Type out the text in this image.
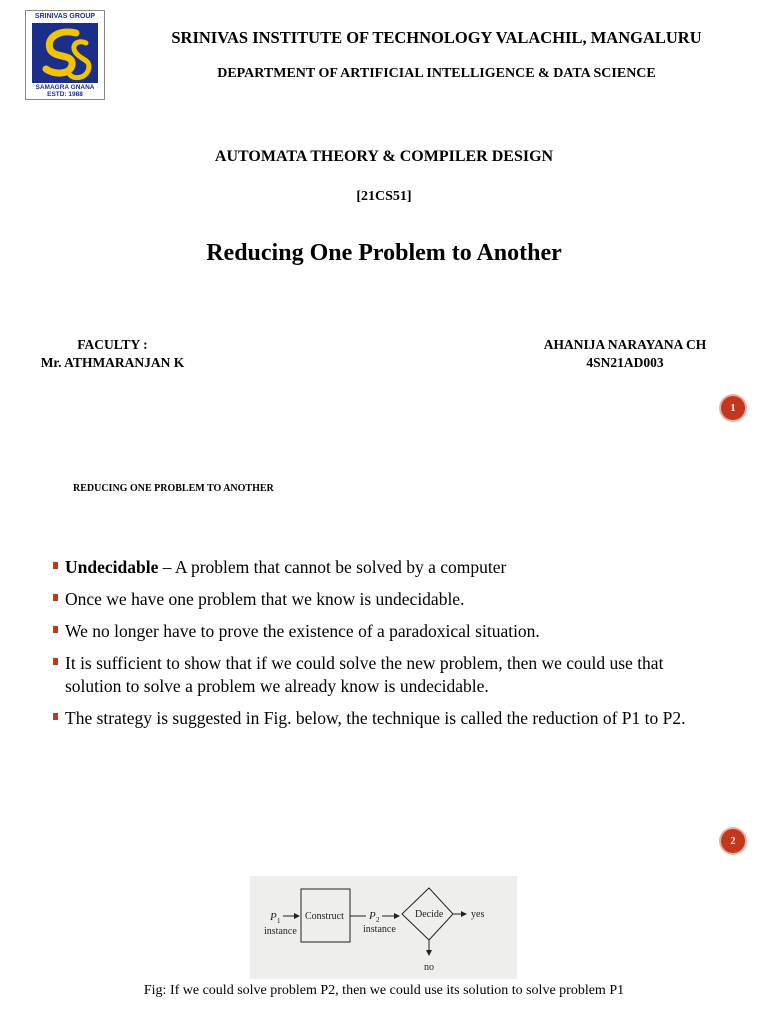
SRINIVAS GROUP
SAMAGRA GNANA
ESTD: 1988
SRINIVAS INSTITUTE OF TECHNOLOGY VALACHIL, MANGALURU
DEPARTMENT OF ARTIFICIAL INTELLIGENCE & DATA SCIENCE
AUTOMATA THEORY & COMPILER DESIGN
[21CS51]
Reducing One Problem to Another
FACULTY :
Mr. ATHMARANJAN K
AHANIJA NARAYANA CH
4SN21AD003
1
REDUCING ONE PROBLEM TO ANOTHER
Undecidable – A problem that cannot be solved by a computer
Once we have one problem that we know is undecidable.
We no longer have to prove the existence of a paradoxical situation.
It is sufficient to show that if we could solve the new problem, then we could use that solution to solve a problem we already know is undecidable.
The strategy is suggested in Fig. below, the technique is called the reduction of P1 to P2.
2
P 1
instance
Construct P 2
instance
Decide	yes
no
Fig: If we could solve problem P2, then we could use its solution to solve problem P1
